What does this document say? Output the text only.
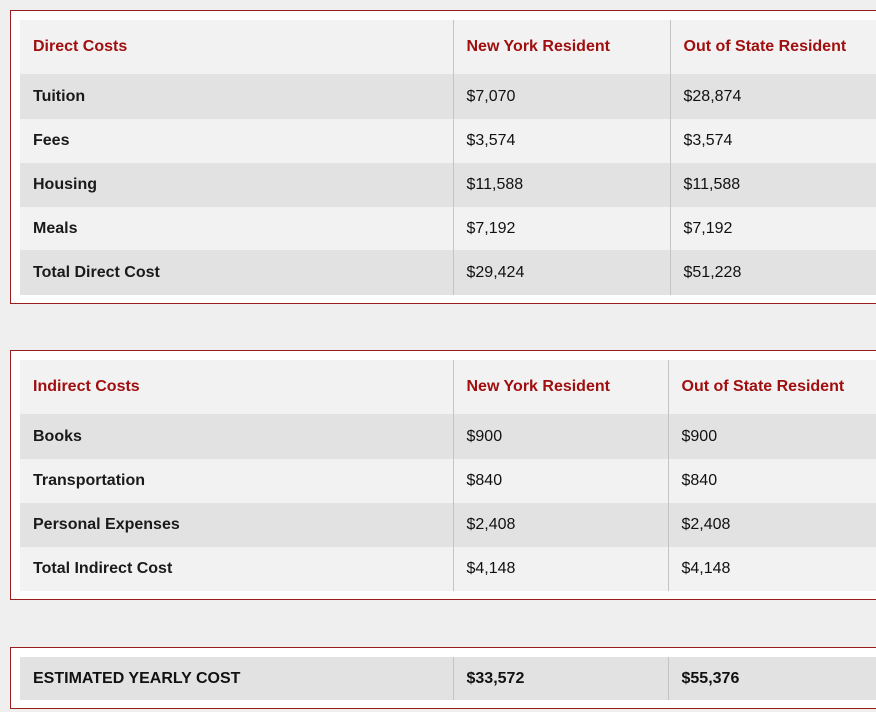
Direct Costs	New York Resident	Out of State Resident
Tuition	$7,070	$28,874
Fees	$3,574	$3,574
Housing	$11,588	$11,588
Meals	$7,192	$7,192
Total Direct Cost	$29,424	$51,228
Indirect Costs	New York Resident	Out of State Resident
Books	$900	$900
Transportation	$840	$840
Personal Expenses	$2,408	$2,408
Total Indirect Cost	$4,148	$4,148
ESTIMATED YEARLY COST	$33,572	$55,376
